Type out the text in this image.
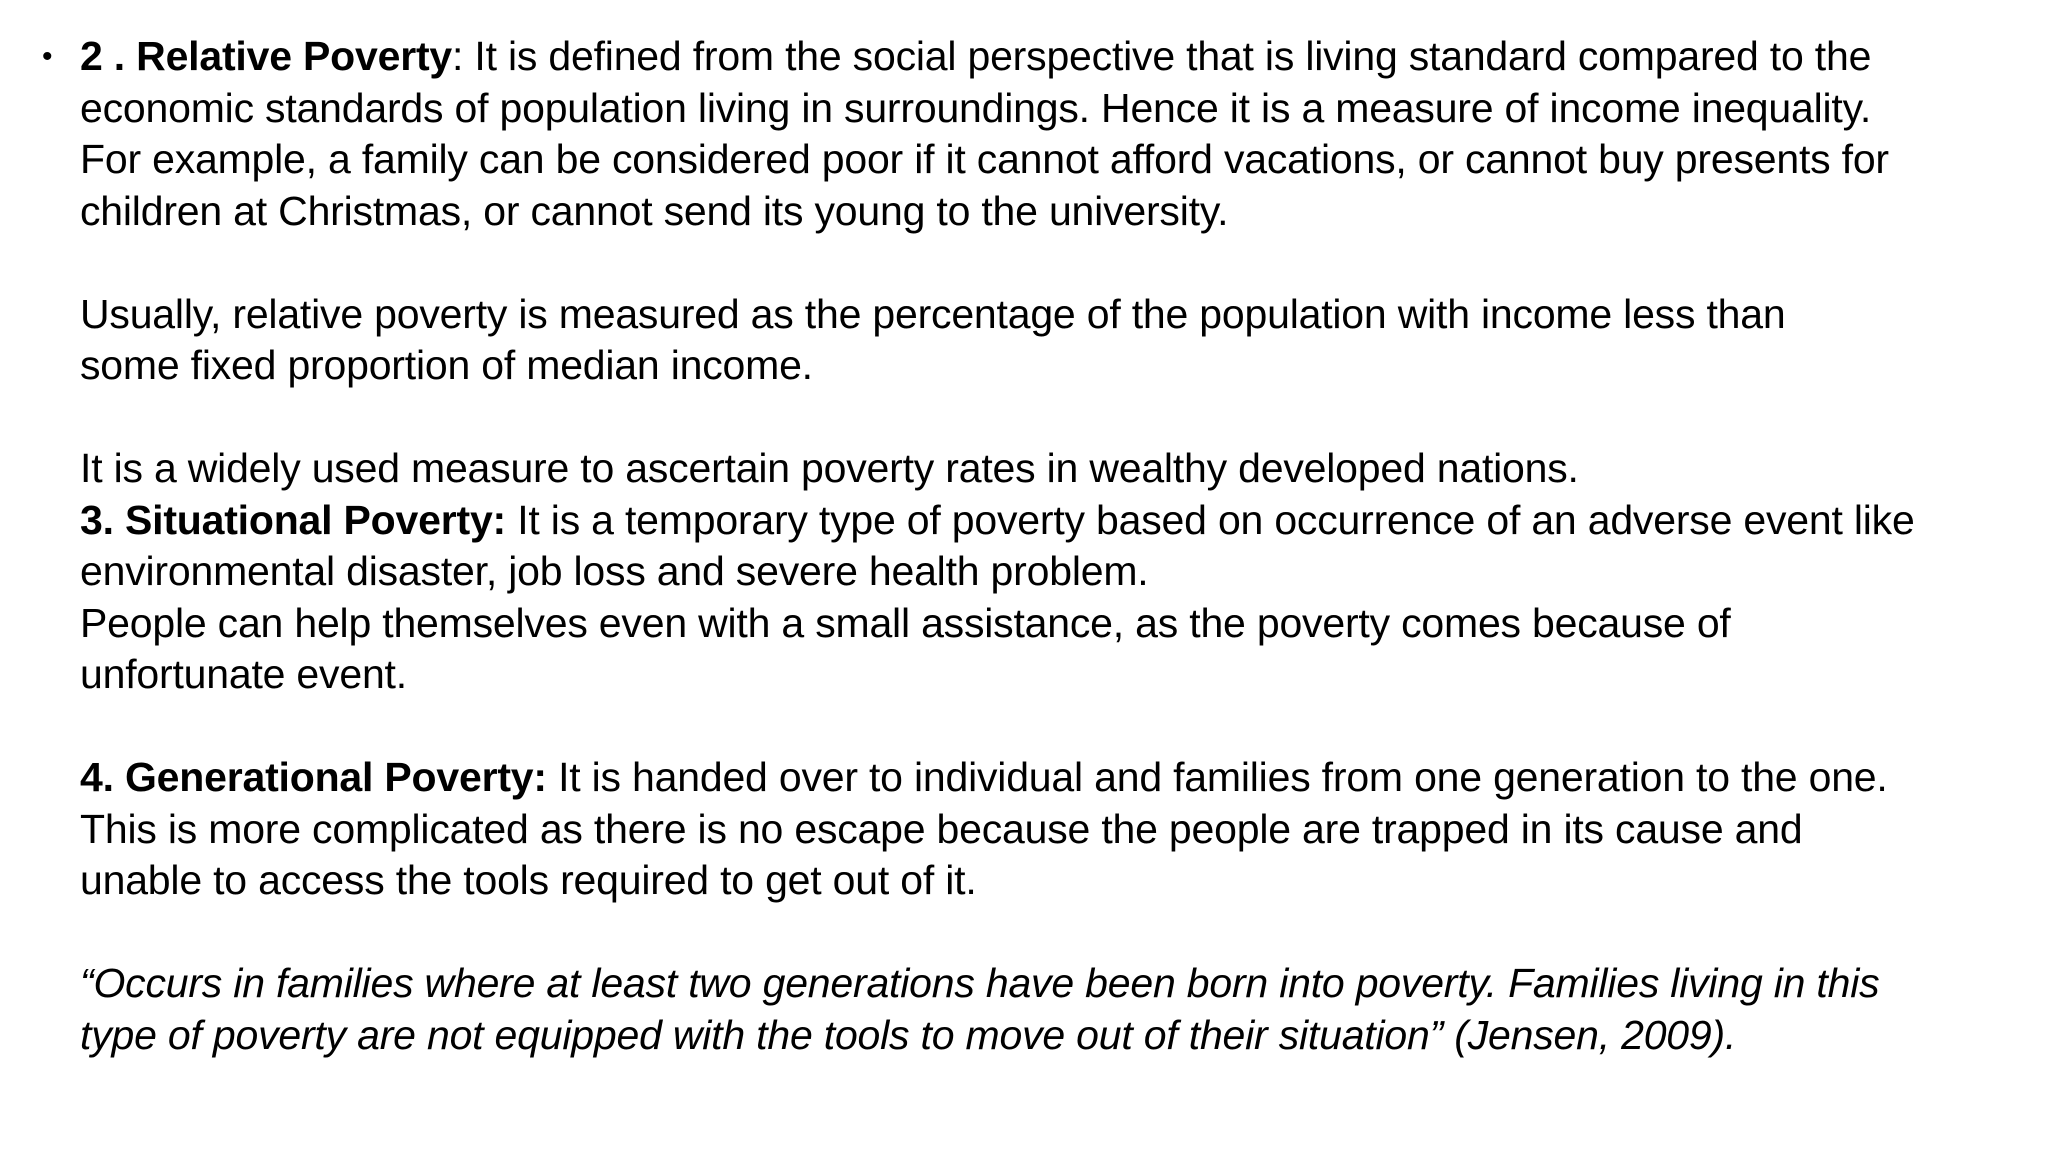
• 2 . Relative Poverty: It is defined from the social perspective that is living standard compared to the

economic standards of population living in surroundings. Hence it is a measure of income inequality.

For example, a family can be considered poor if it cannot afford vacations, or cannot buy presents for

children at Christmas, or cannot send its young to the university.

Usually, relative poverty is measured as the percentage of the population with income less than

some fixed proportion of median income.

It is a widely used measure to ascertain poverty rates in wealthy developed nations.

3. Situational Poverty: It is a temporary type of poverty based on occurrence of an adverse event like

environmental disaster, job loss and severe health problem.

People can help themselves even with a small assistance, as the poverty comes because of

unfortunate event.

4. Generational Poverty: It is handed over to individual and families from one generation to the one.

This is more complicated as there is no escape because the people are trapped in its cause and

unable to access the tools required to get out of it.

“Occurs in families where at least two generations have been born into poverty. Families living in this

type of poverty are not equipped with the tools to move out of their situation” (Jensen, 2009).
